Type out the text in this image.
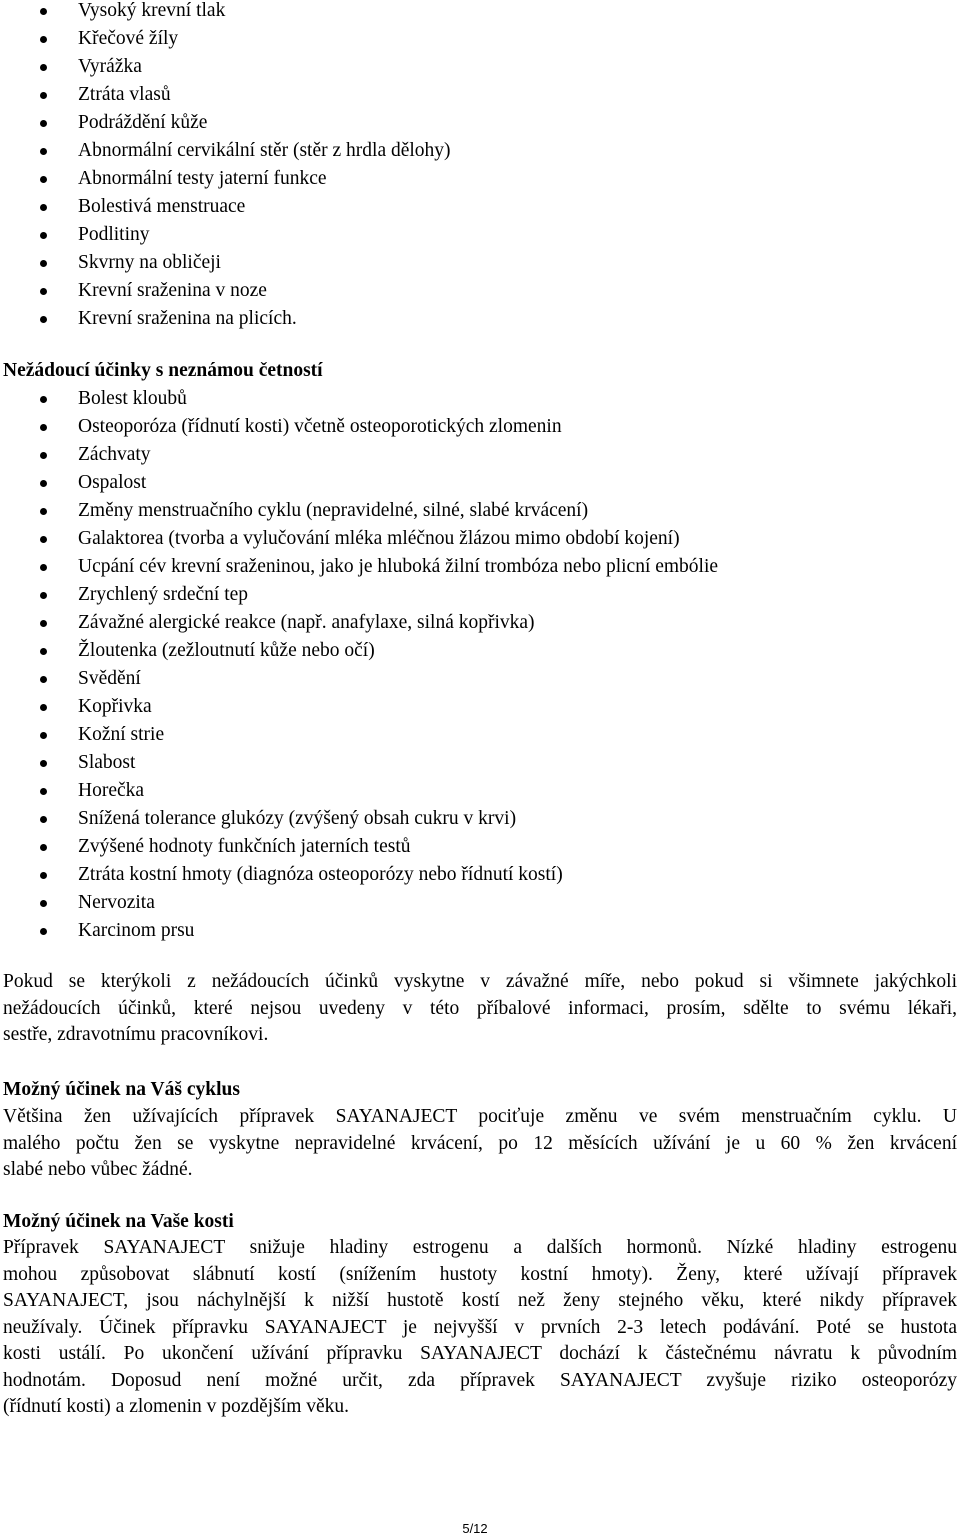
Vysoký krevní tlak
Křečové žíly
Vyrážka
Ztráta vlasů
Podráždění kůže
Abnormální cervikální stěr (stěr z hrdla dělohy)
Abnormální testy jaterní funkce
Bolestivá menstruace
Podlitiny
Skvrny na obličeji
Krevní sraženina v noze
Krevní sraženina na plicích.
Nežádoucí účinky s neznámou četností
Bolest kloubů
Osteoporóza (řídnutí kosti) včetně osteoporotických zlomenin
Záchvaty
Ospalost
Změny menstruačního cyklu (nepravidelné, silné, slabé krvácení)
Galaktorea (tvorba a vylučování mléka mléčnou žlázou mimo období kojení)
Ucpání cév krevní sraženinou, jako je hluboká žilní trombóza nebo plicní embólie
Zrychlený srdeční tep
Závažné alergické reakce (např. anafylaxe, silná kopřivka)
Žloutenka (zežloutnutí kůže nebo očí)
Svědění
Kopřivka
Kožní strie
Slabost
Horečka
Snížená tolerance glukózy (zvýšený obsah cukru v krvi)
Zvýšené hodnoty funkčních jaterních testů
Ztráta kostní hmoty (diagnóza osteoporózy nebo řídnutí kostí)
Nervozita
Karcinom prsu
Pokud se kterýkoli z nežádoucích účinků vyskytne v závažné míře, nebo pokud si všimnete jakýchkoli
nežádoucích účinků, které nejsou uvedeny v této příbalové informaci, prosím, sdělte to svému lékaři,
sestře, zdravotnímu pracovníkovi.
Možný účinek na Váš cyklus
Většina žen užívajících přípravek SAYANAJECT pociťuje změnu ve svém menstruačním cyklu. U
malého počtu žen se vyskytne nepravidelné krvácení, po 12 měsících užívání je u 60 % žen krvácení
slabé nebo vůbec žádné.
Možný účinek na Vaše kosti
Přípravek SAYANAJECT snižuje hladiny estrogenu a dalších hormonů. Nízké hladiny estrogenu
mohou způsobovat slábnutí kostí (snížením hustoty kostní hmoty). Ženy, které užívají přípravek
SAYANAJECT, jsou náchylnější k nižší hustotě kostí než ženy stejného věku, které nikdy přípravek
neužívaly. Účinek přípravku SAYANAJECT je nejvyšší v prvních 2-3 letech podávání. Poté se hustota
kosti ustálí. Po ukončení užívání přípravku SAYANAJECT dochází k částečnému návratu k původním
hodnotám. Doposud není možné určit, zda přípravek SAYANAJECT zvyšuje riziko osteoporózy
(řídnutí kosti) a zlomenin v pozdějším věku.
5/12
